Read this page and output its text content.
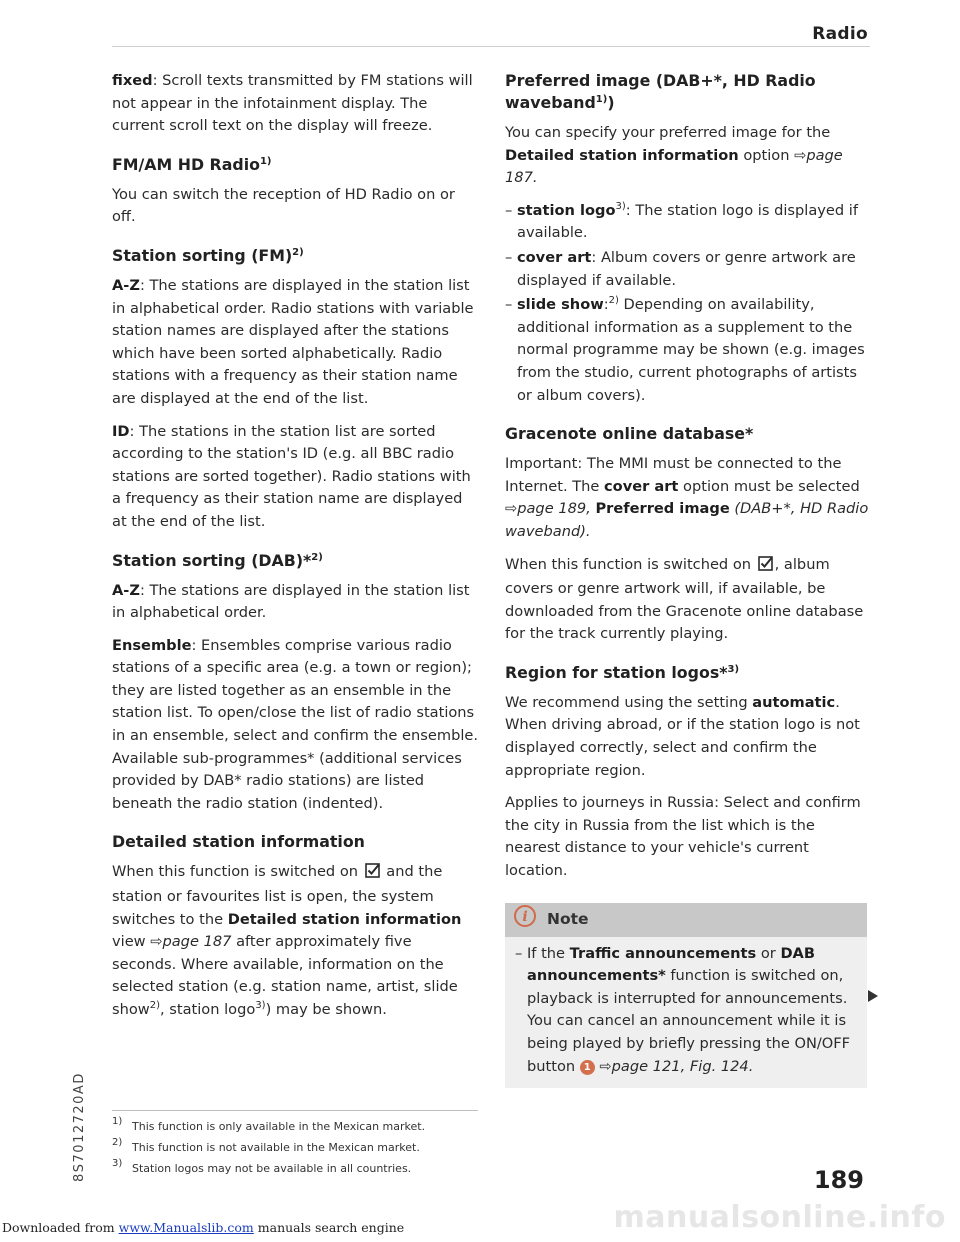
Radio

fixed: Scroll texts transmitted by FM stations will not appear in the infotainment display. The current scroll text on the display will freeze.

FM/AM HD Radio$^{1)}$

You can switch the reception of HD Radio on or off.

Station sorting (FM)$^{2)}$

A-Z: The stations are displayed in the station list in alphabetical order. Radio stations with variable station names are displayed after the stations which have been sorted alphabetically. Radio stations with a frequency as their station name are displayed at the end of the list.

ID: The stations in the station list are sorted according to the station's ID (e.g. all BBC radio stations are sorted together). Radio stations with a frequency as their station name are displayed at the end of the list.

Station sorting (DAB)*$^{2)}$

A-Z: The stations are displayed in the station list in alphabetical order.

Ensemble: Ensembles comprise various radio stations of a specific area (e.g. a town or region); they are listed together as an ensemble in the station list. To open/close the list of radio stations in an ensemble, select and confirm the ensemble. Available sub-programmes* (additional services provided by DAB* radio stations) are listed beneath the radio station (indented).

Detailed station information

When this function is switched on and the station or favourites list is open, the system switches to the Detailed station information view ⇨page 187 after approximately five seconds. Where available, information on the selected station (e.g. station name, artist, slide show$^{2)}$, station logo$^{3)}$) may be shown.

Preferred image (DAB+*, HD Radio waveband$^{1)}$)

You can specify your preferred image for the Detailed station information option ⇨page 187.

– station logo$^{3)}$: The station logo is displayed if available.
– cover art: Album covers or genre artwork are displayed if available.
– slide show:$^{2)}$ Depending on availability, additional information as a supplement to the normal programme may be shown (e.g. images from the studio, current photographs of artists or album covers).
Gracenote online database*

Important: The MMI must be connected to the Internet. The cover art option must be selected ⇨page 189, Preferred image (DAB+*, HD Radio waveband).

When this function is switched on , album covers or genre artwork will, if available, be downloaded from the Gracenote online database for the track currently playing.

Region for station logos*$^{3)}$

We recommend using the setting automatic. When driving abroad, or if the station logo is not displayed correctly, select and confirm the appropriate region.

Applies to journeys in Russia: Select and confirm the city in Russia from the list which is the nearest distance to your vehicle's current location.

i Note
– If the Traffic announcements or DAB announcements* function is switched on, playback is interrupted for announcements. You can cancel an announcement while it is being played by briefly pressing the ON/OFF button 1 ⇨page 121, Fig. 124.
$^{1)}$ This function is only available in the Mexican market.
$^{2)}$ This function is not available in the Mexican market.
$^{3)}$ Station logos may not be available in all countries.
8S7012720AD	189
manualsonline.info
Downloaded from www.Manualslib.com manuals search engine
